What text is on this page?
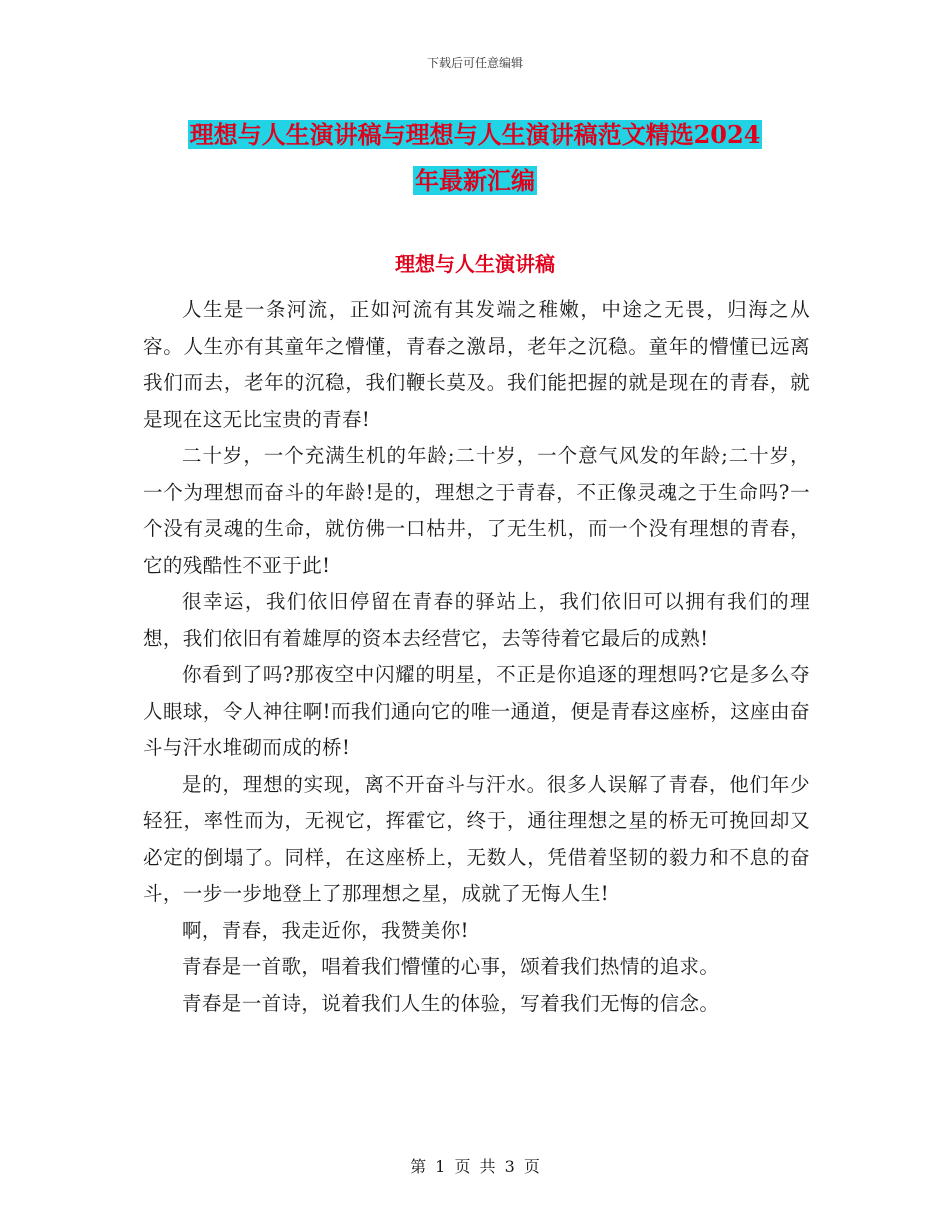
下载后可任意编辑
理想与人生演讲稿与理想与人生演讲稿范文精选2024
年最新汇编
理想与人生演讲稿

人生是一条河流，正如河流有其发端之稚嫩，中途之无畏，归海之从容。人生亦有其童年之懵懂，青春之激昂，老年之沉稳。童年的懵懂已远离我们而去，老年的沉稳，我们鞭长莫及。我们能把握的就是现在的青春，就是现在这无比宝贵的青春!

二十岁，一个充满生机的年龄;二十岁，一个意气风发的年龄;二十岁，一个为理想而奋斗的年龄!是的，理想之于青春，不正像灵魂之于生命吗?一个没有灵魂的生命，就仿佛一口枯井，了无生机，而一个没有理想的青春，它的残酷性不亚于此!

很幸运，我们依旧停留在青春的驿站上，我们依旧可以拥有我们的理想，我们依旧有着雄厚的资本去经营它，去等待着它最后的成熟!

你看到了吗?那夜空中闪耀的明星，不正是你追逐的理想吗?它是多么夺人眼球，令人神往啊!而我们通向它的唯一通道，便是青春这座桥，这座由奋斗与汗水堆砌而成的桥!

是的，理想的实现，离不开奋斗与汗水。很多人误解了青春，他们年少轻狂，率性而为，无视它，挥霍它，终于，通往理想之星的桥无可挽回却又必定的倒塌了。同样，在这座桥上，无数人，凭借着坚韧的毅力和不息的奋斗，一步一步地登上了那理想之星，成就了无悔人生!

啊，青春，我走近你，我赞美你!

青春是一首歌，唱着我们懵懂的心事，颂着我们热情的追求。

青春是一首诗，说着我们人生的体验，写着我们无悔的信念。

第 1 页 共 3 页
